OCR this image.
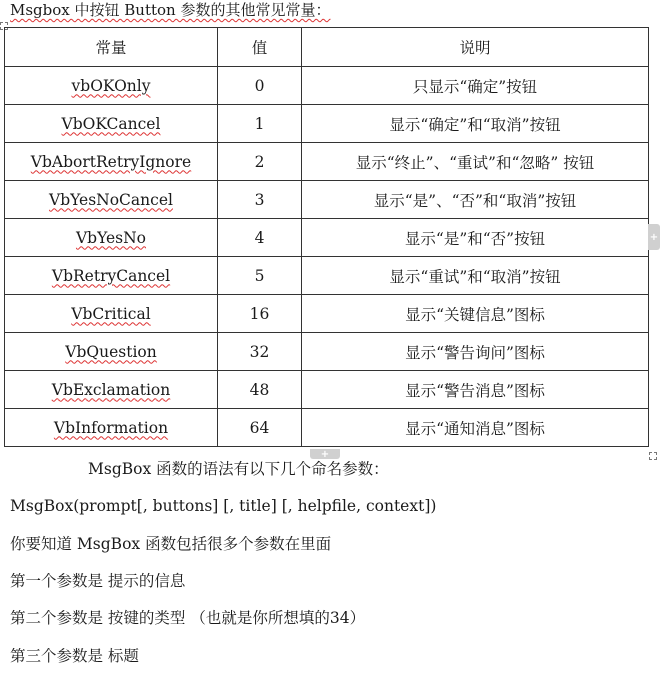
Msgbox 中按钮 Button 参数的其他常见常量：
常量	值	说明
vbOKOnly	0	只显示“确定”按钮
VbOKCancel	1	显示“确定”和“取消”按钮
VbAbortRetryIgnore	2	显示“终止”、“重试”和“忽略” 按钮
VbYesNoCancel	3	显示“是”、“否”和“取消”按钮
VbYesNo	4	显示“是”和“否”按钮
VbRetryCancel	5	显示“重试”和“取消”按钮
VbCritical	16	显示“关键信息”图标
VbQuestion	32	显示“警告询问”图标
VbExclamation	48	显示“警告消息”图标
VbInformation	64	显示“通知消息”图标
+
+
MsgBox 函数的语法有以下几个命名参数：
MsgBox(prompt[, buttons] [, title] [, helpfile, context])
你要知道 MsgBox 函数包括很多个参数在里面
第一个参数是 提示的信息
第二个参数是 按键的类型 （也就是你所想填的34）
第三个参数是 标题
